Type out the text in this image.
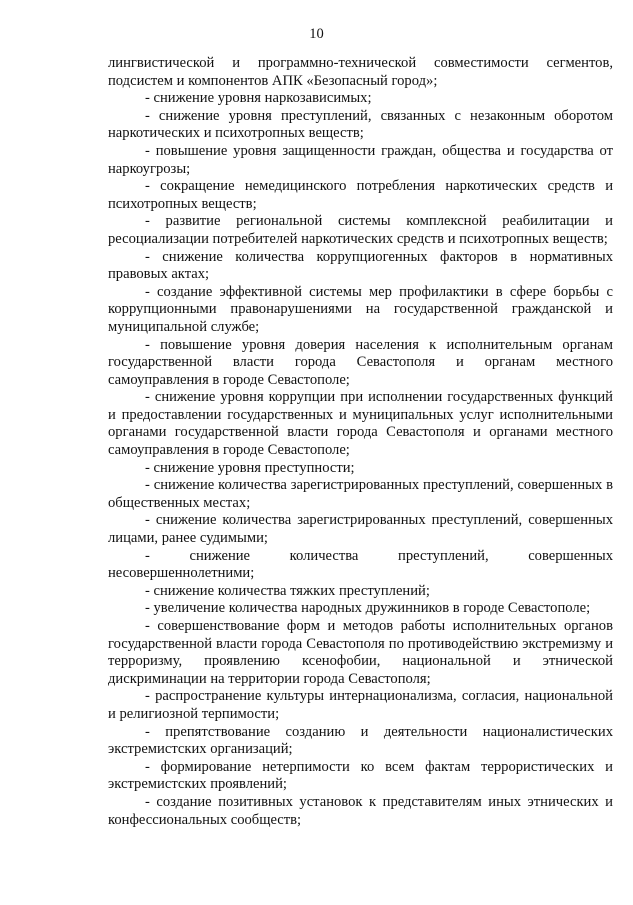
10

лингвистической и программно-технической совместимости сегментов, подсистем и компонентов АПК «Безопасный город»;

- снижение уровня наркозависимых;

- снижение уровня преступлений, связанных с незаконным оборотом наркотических и психотропных веществ;

- повышение уровня защищенности граждан, общества и государства от наркоугрозы;

- сокращение немедицинского потребления наркотических средств и психотропных веществ;

- развитие региональной системы комплексной реабилитации и ресоциализации потребителей наркотических средств и психотропных веществ;

- снижение количества коррупциогенных факторов в нормативных правовых актах;

- создание эффективной системы мер профилактики в сфере борьбы с коррупционными правонарушениями на государственной гражданской и муниципальной службе;

- повышение уровня доверия населения к исполнительным органам государственной власти города Севастополя и органам местного самоуправления в городе Севастополе;

- снижение уровня коррупции при исполнении государственных функций и предоставлении государственных и муниципальных услуг исполнительными органами государственной власти города Севастополя и органами местного самоуправления в городе Севастополе;

- снижение уровня преступности;

- снижение количества зарегистрированных преступлений, совершенных в общественных местах;

- снижение количества зарегистрированных преступлений, совершенных лицами, ранее судимыми;

- снижение количества преступлений, совершенных несовершеннолетними;

- снижение количества тяжких преступлений;

- увеличение количества народных дружинников в городе Севастополе;

- совершенствование форм и методов работы исполнительных органов государственной власти города Севастополя по противодействию экстремизму и терроризму, проявлению ксенофобии, национальной и этнической дискриминации на территории города Севастополя;

- распространение культуры интернационализма, согласия, национальной и религиозной терпимости;

- препятствование созданию и деятельности националистических экстремистских организаций;

- формирование нетерпимости ко всем фактам террористических и экстремистских проявлений;

- создание позитивных установок к представителям иных этнических и конфессиональных сообществ;
